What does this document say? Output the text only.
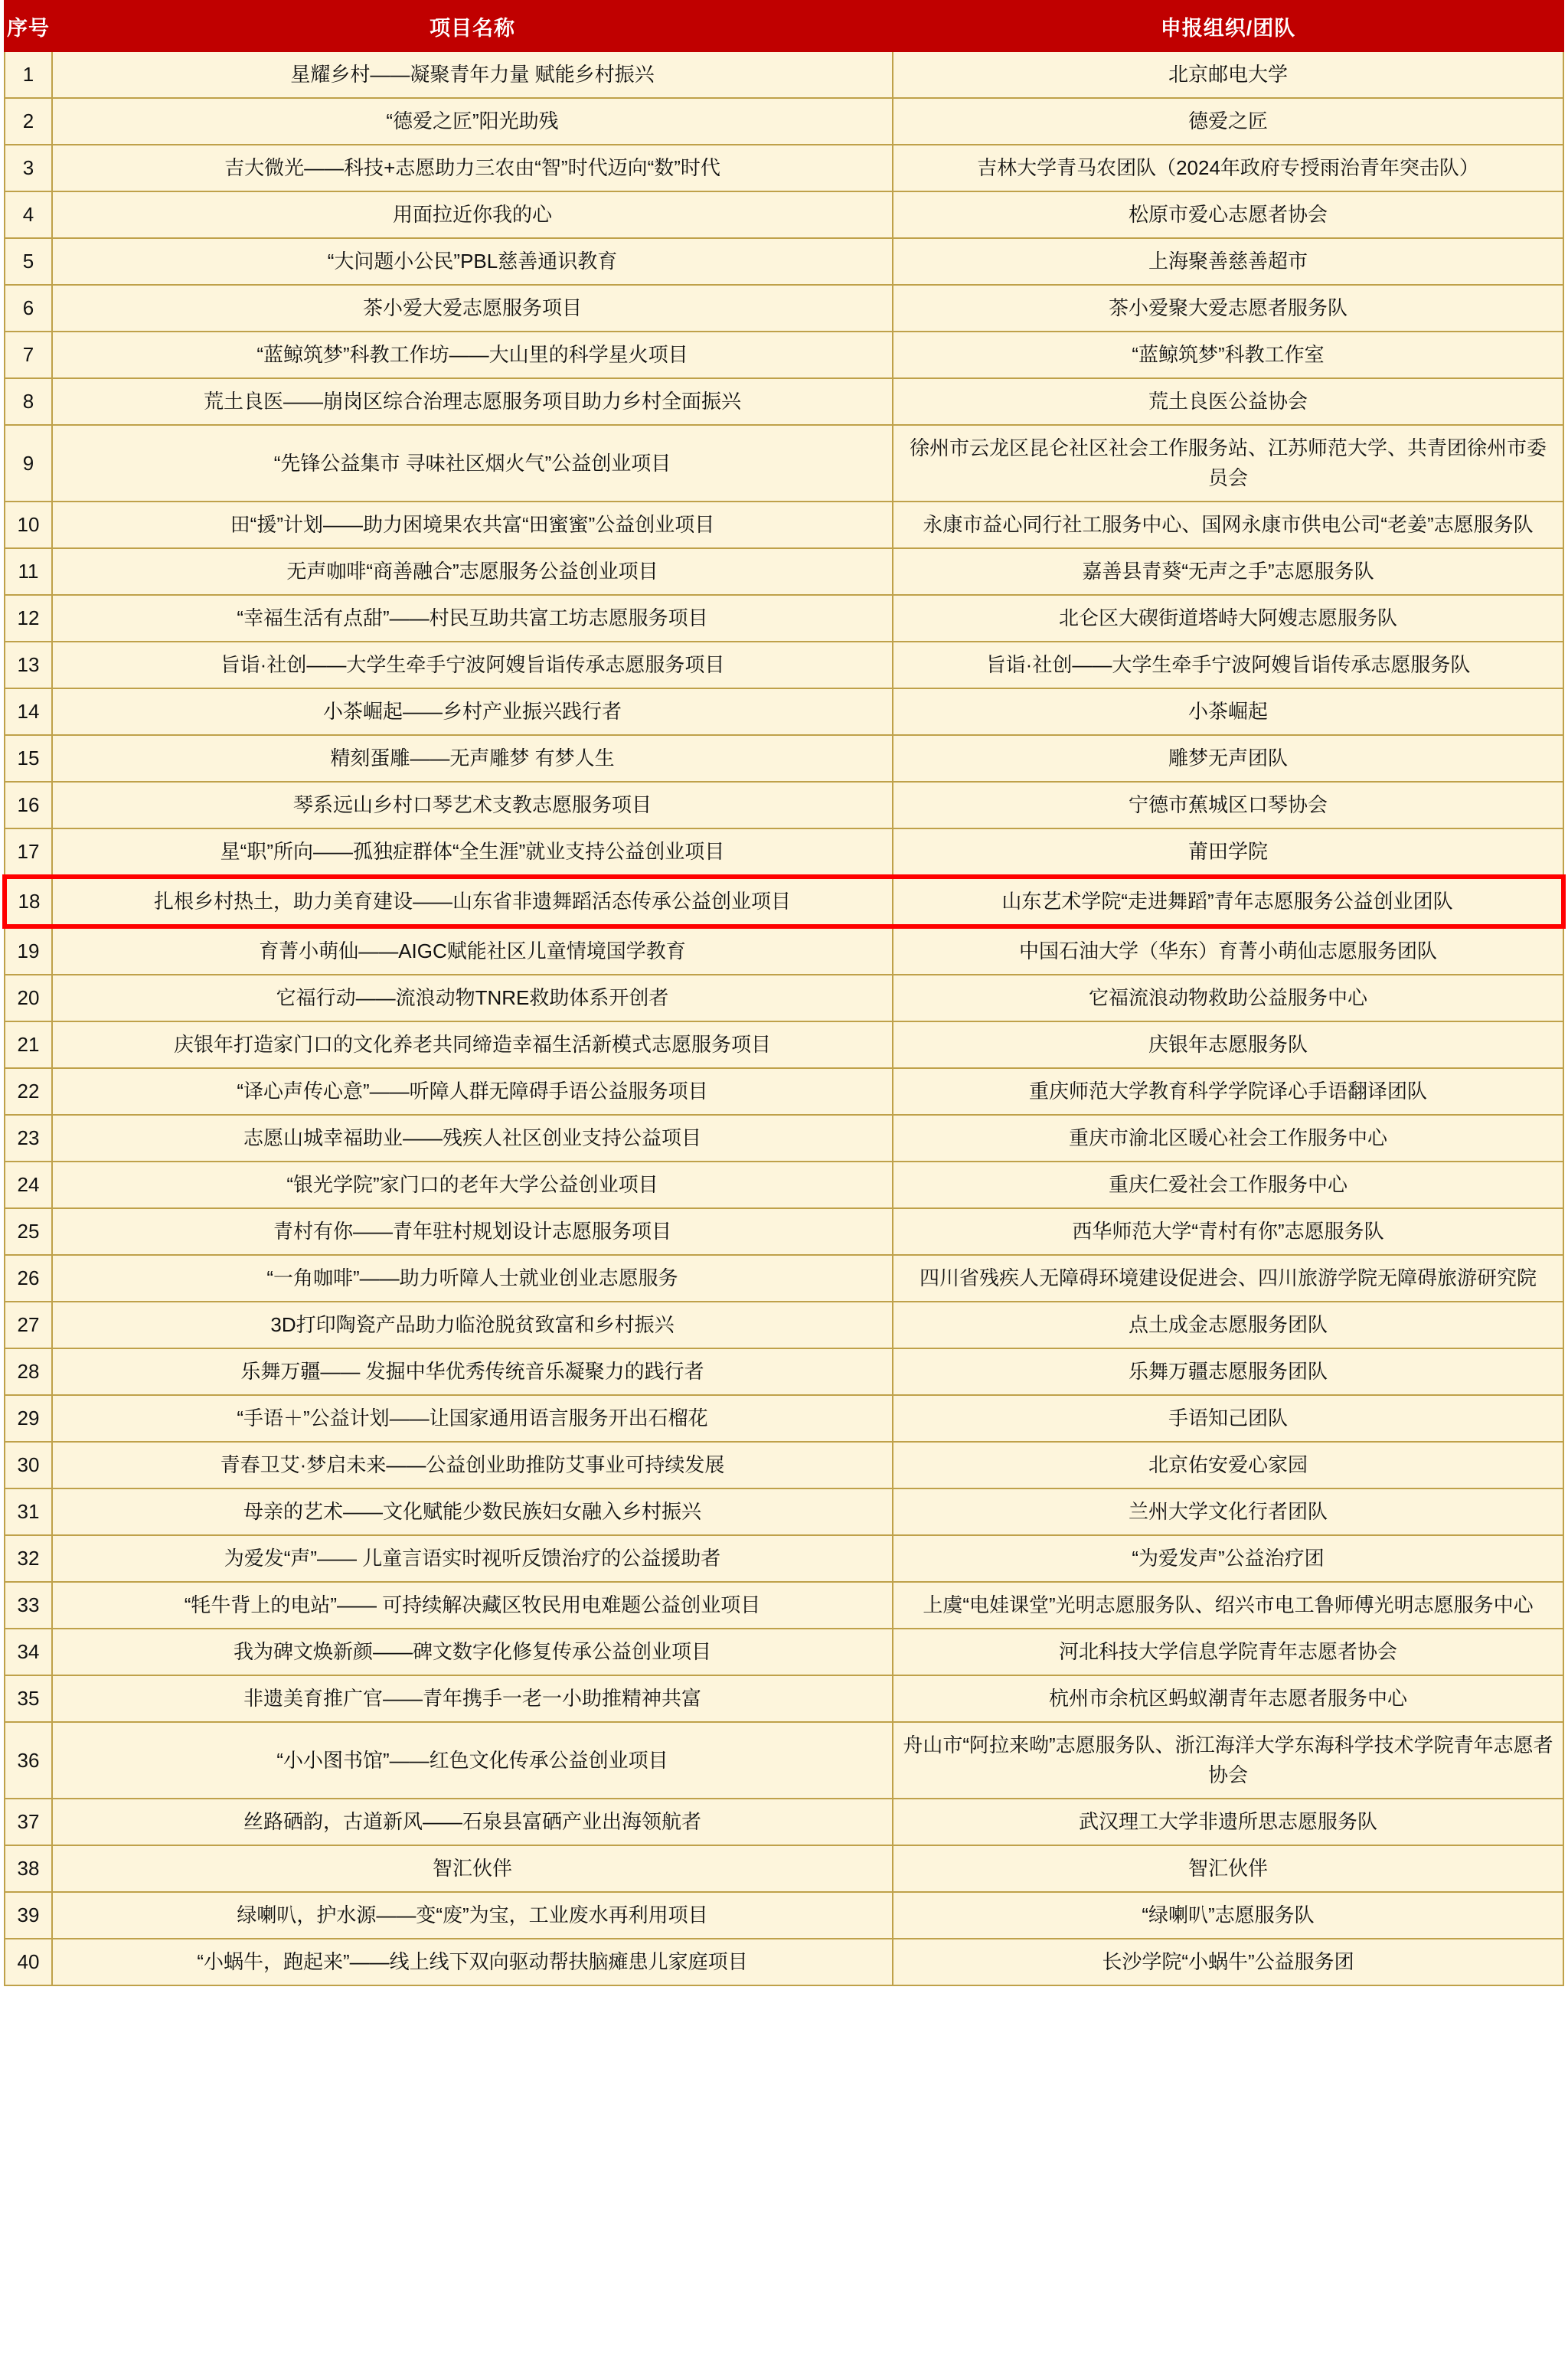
序号	项目名称	申报组织/团队
1	星耀乡村——凝聚青年力量 赋能乡村振兴	北京邮电大学
2	“德爱之匠”阳光助残	德爱之匠
3	吉大微光——科技+志愿助力三农由“智”时代迈向“数”时代	吉林大学青马农团队（2024年政府专授雨治青年突击队）
4	用面拉近你我的心	松原市爱心志愿者协会
5	“大问题小公民”PBL慈善通识教育	上海聚善慈善超市
6	茶小爱大爱志愿服务项目	茶小爱聚大爱志愿者服务队
7	“蓝鲸筑梦”科教工作坊——大山里的科学星火项目	“蓝鲸筑梦”科教工作室
8	荒土良医——崩岗区综合治理志愿服务项目助力乡村全面振兴	荒土良医公益协会
9	“先锋公益集市 寻味社区烟火气”公益创业项目	徐州市云龙区昆仑社区社会工作服务站、江苏师范大学、共青团徐州市委员会
10	田“援”计划——助力困境果农共富“田蜜蜜”公益创业项目	永康市益心同行社工服务中心、国网永康市供电公司“老姜”志愿服务队
11	无声咖啡“商善融合”志愿服务公益创业项目	嘉善县青葵“无声之手”志愿服务队
12	“幸福生活有点甜”——村民互助共富工坊志愿服务项目	北仑区大碶街道塔峙大阿嫂志愿服务队
13	旨诣·社创——大学生牵手宁波阿嫂旨诣传承志愿服务项目	旨诣·社创——大学生牵手宁波阿嫂旨诣传承志愿服务队
14	小茶崛起——乡村产业振兴践行者	小茶崛起
15	精刻蛋雕——无声雕梦 有梦人生	雕梦无声团队
16	琴系远山乡村口琴艺术支教志愿服务项目	宁德市蕉城区口琴协会
17	星“职”所向——孤独症群体“全生涯”就业支持公益创业项目	莆田学院
18	扎根乡村热土，助力美育建设——山东省非遗舞蹈活态传承公益创业项目	山东艺术学院“走进舞蹈”青年志愿服务公益创业团队
19	育菁小萌仙——AIGC赋能社区儿童情境国学教育	中国石油大学（华东）育菁小萌仙志愿服务团队
20	它福行动——流浪动物TNRE救助体系开创者	它福流浪动物救助公益服务中心
21	庆银年打造家门口的文化养老共同缔造幸福生活新模式志愿服务项目	庆银年志愿服务队
22	“译心声传心意”——听障人群无障碍手语公益服务项目	重庆师范大学教育科学学院译心手语翻译团队
23	志愿山城幸福助业——残疾人社区创业支持公益项目	重庆市渝北区暖心社会工作服务中心
24	“银光学院”家门口的老年大学公益创业项目	重庆仁爱社会工作服务中心
25	青村有你——青年驻村规划设计志愿服务项目	西华师范大学“青村有你”志愿服务队
26	“一角咖啡”——助力听障人士就业创业志愿服务	四川省残疾人无障碍环境建设促进会、四川旅游学院无障碍旅游研究院
27	3D打印陶瓷产品助力临沧脱贫致富和乡村振兴	点土成金志愿服务团队
28	乐舞万疆—— 发掘中华优秀传统音乐凝聚力的践行者	乐舞万疆志愿服务团队
29	“手语＋”公益计划——让国家通用语言服务开出石榴花	手语知己团队
30	青春卫艾·梦启未来——公益创业助推防艾事业可持续发展	北京佑安爱心家园
31	母亲的艺术——文化赋能少数民族妇女融入乡村振兴	兰州大学文化行者团队
32	为爱发“声”—— 儿童言语实时视听反馈治疗的公益援助者	“为爱发声”公益治疗团
33	“牦牛背上的电站”—— 可持续解决藏区牧民用电难题公益创业项目	上虞“电娃课堂”光明志愿服务队、绍兴市电工鲁师傅光明志愿服务中心
34	我为碑文焕新颜——碑文数字化修复传承公益创业项目	河北科技大学信息学院青年志愿者协会
35	非遗美育推广官——青年携手一老一小助推精神共富	杭州市余杭区蚂蚁潮青年志愿者服务中心
36	“小小图书馆”——红色文化传承公益创业项目	舟山市“阿拉来呦”志愿服务队、浙江海洋大学东海科学技术学院青年志愿者协会
37	丝路硒韵，古道新风——石泉县富硒产业出海领航者	武汉理工大学非遗所思志愿服务队
38	智汇伙伴	智汇伙伴
39	绿喇叭，护水源——变“废”为宝，工业废水再利用项目	“绿喇叭”志愿服务队
40	“小蜗牛，跑起来”——线上线下双向驱动帮扶脑瘫患儿家庭项目	长沙学院“小蜗牛”公益服务团
